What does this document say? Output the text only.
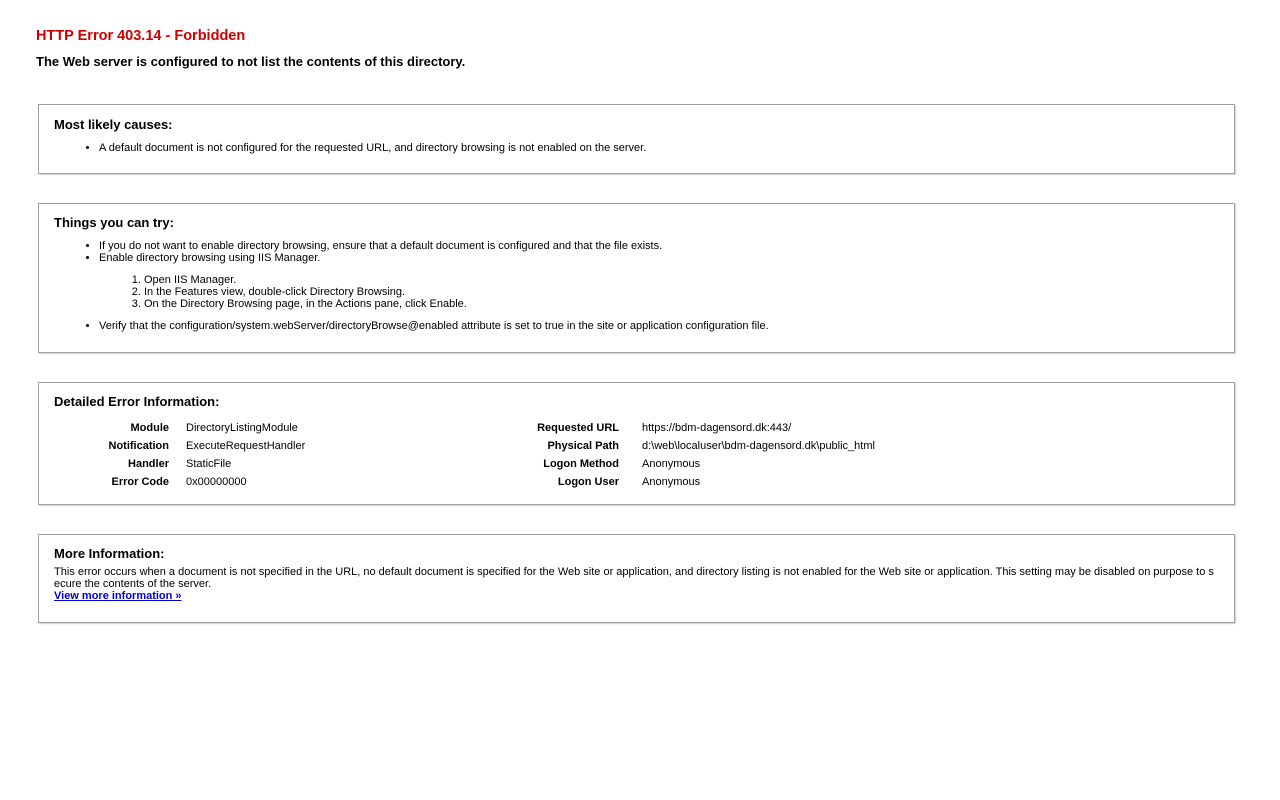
HTTP Error 403.14 - Forbidden
The Web server is configured to not list the contents of this directory.
Most likely causes:
• A default document is not configured for the requested URL, and directory browsing is not enabled on the server.
Things you can try:
• If you do not want to enable directory browsing, ensure that a default document is configured and that the file exists.
• Enable directory browsing using IIS Manager.
1. Open IIS Manager.
2. In the Features view, double-click Directory Browsing.
3. On the Directory Browsing page, in the Actions pane, click Enable.
• Verify that the configuration/system.webServer/directoryBrowse@enabled attribute is set to true in the site or application configuration file.
Detailed Error Information:
Module		DirectoryListingModule	Requested URL		https://bdm-dagensord.dk:443/
Notification		ExecuteRequestHandler	Physical Path		d:\web\localuser\bdm-dagensord.dk\public_html
Handler		StaticFile	Logon Method		Anonymous
Error Code		0x00000000	Logon User		Anonymous
More Information:
This error occurs when a document is not specified in the URL, no default document is specified for the Web site or application, and directory listing is not enabled for the Web site or application. This setting may be disabled on purpose to secure the contents of the server.
View more information »
